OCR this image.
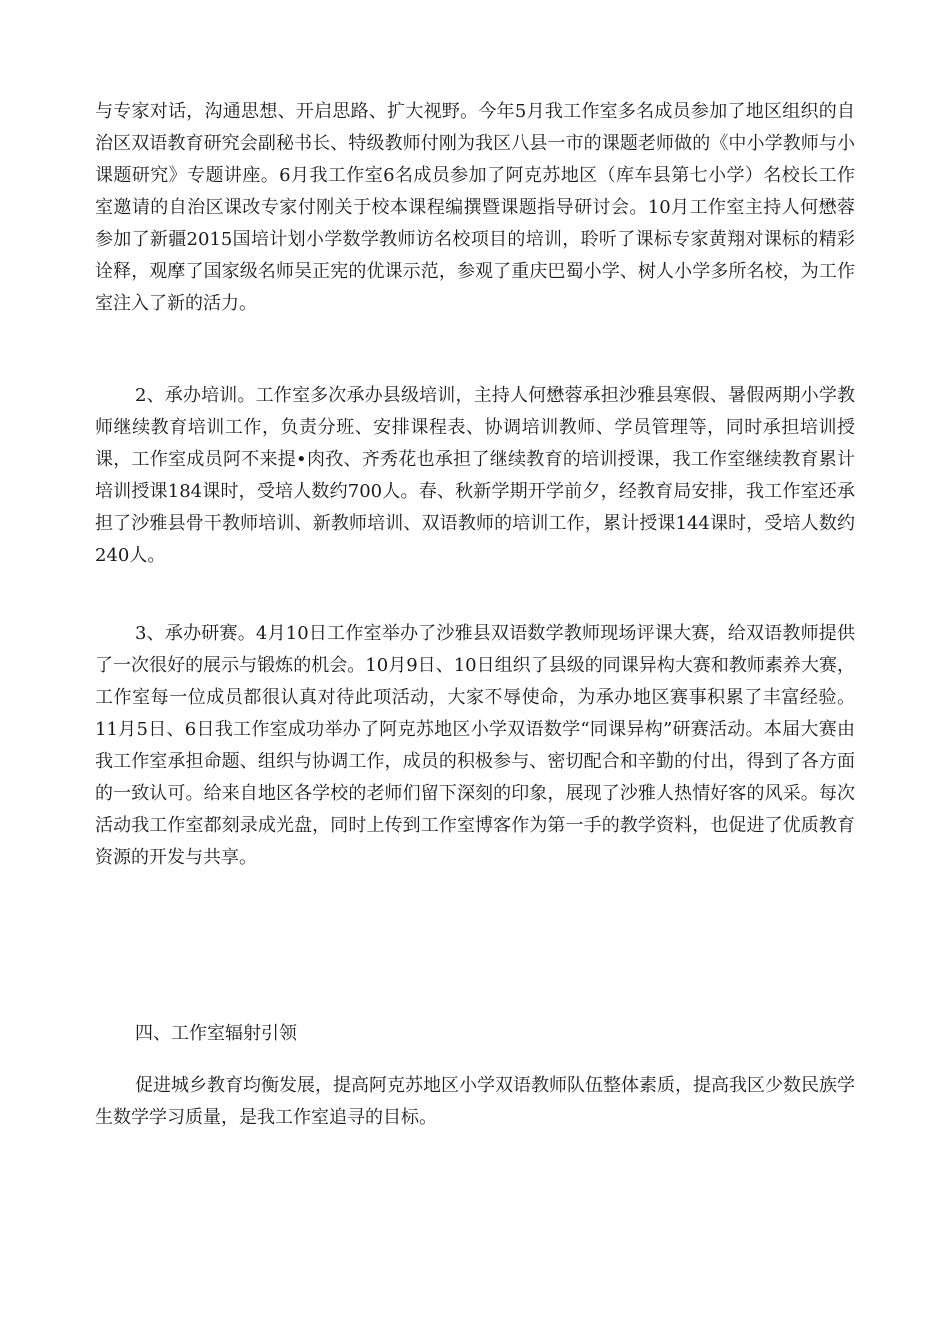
与专家对话，沟通思想、开启思路、扩大视野。今年5月我工作室多名成员参加了地区组织的自治区双语教育研究会副秘书长、特级教师付刚为我区八县一市的课题老师做的《中小学教师与小课题研究》专题讲座。6月我工作室6名成员参加了阿克苏地区（库车县第七小学）名校长工作室邀请的自治区课改专家付刚关于校本课程编撰暨课题指导研讨会。10月工作室主持人何懋蓉参加了新疆2015国培计划小学数学教师访名校项目的培训，聆听了课标专家黄翔对课标的精彩诠释，观摩了国家级名师吴正宪的优课示范，参观了重庆巴蜀小学、树人小学多所名校，为工作室注入了新的活力。

2、承办培训。工作室多次承办县级培训，主持人何懋蓉承担沙雅县寒假、暑假两期小学教师继续教育培训工作，负责分班、安排课程表、协调培训教师、学员管理等，同时承担培训授课，工作室成员阿不来提•肉孜、齐秀花也承担了继续教育的培训授课，我工作室继续教育累计培训授课184课时，受培人数约700人。春、秋新学期开学前夕，经教育局安排，我工作室还承担了沙雅县骨干教师培训、新教师培训、双语教师的培训工作，累计授课144课时，受培人数约240人。

3、承办研赛。4月10日工作室举办了沙雅县双语数学教师现场评课大赛，给双语教师提供了一次很好的展示与锻炼的机会。10月9日、10日组织了县级的同课异构大赛和教师素养大赛，工作室每一位成员都很认真对待此项活动，大家不辱使命，为承办地区赛事积累了丰富经验。11月5日、6日我工作室成功举办了阿克苏地区小学双语数学“同课异构”研赛活动。本届大赛由我工作室承担命题、组织与协调工作，成员的积极参与、密切配合和辛勤的付出，得到了各方面的一致认可。给来自地区各学校的老师们留下深刻的印象，展现了沙雅人热情好客的风采。每次活动我工作室都刻录成光盘，同时上传到工作室博客作为第一手的教学资料，也促进了优质教育资源的开发与共享。

四、工作室辐射引领

促进城乡教育均衡发展，提高阿克苏地区小学双语教师队伍整体素质，提高我区少数民族学生数学学习质量，是我工作室追寻的目标。
